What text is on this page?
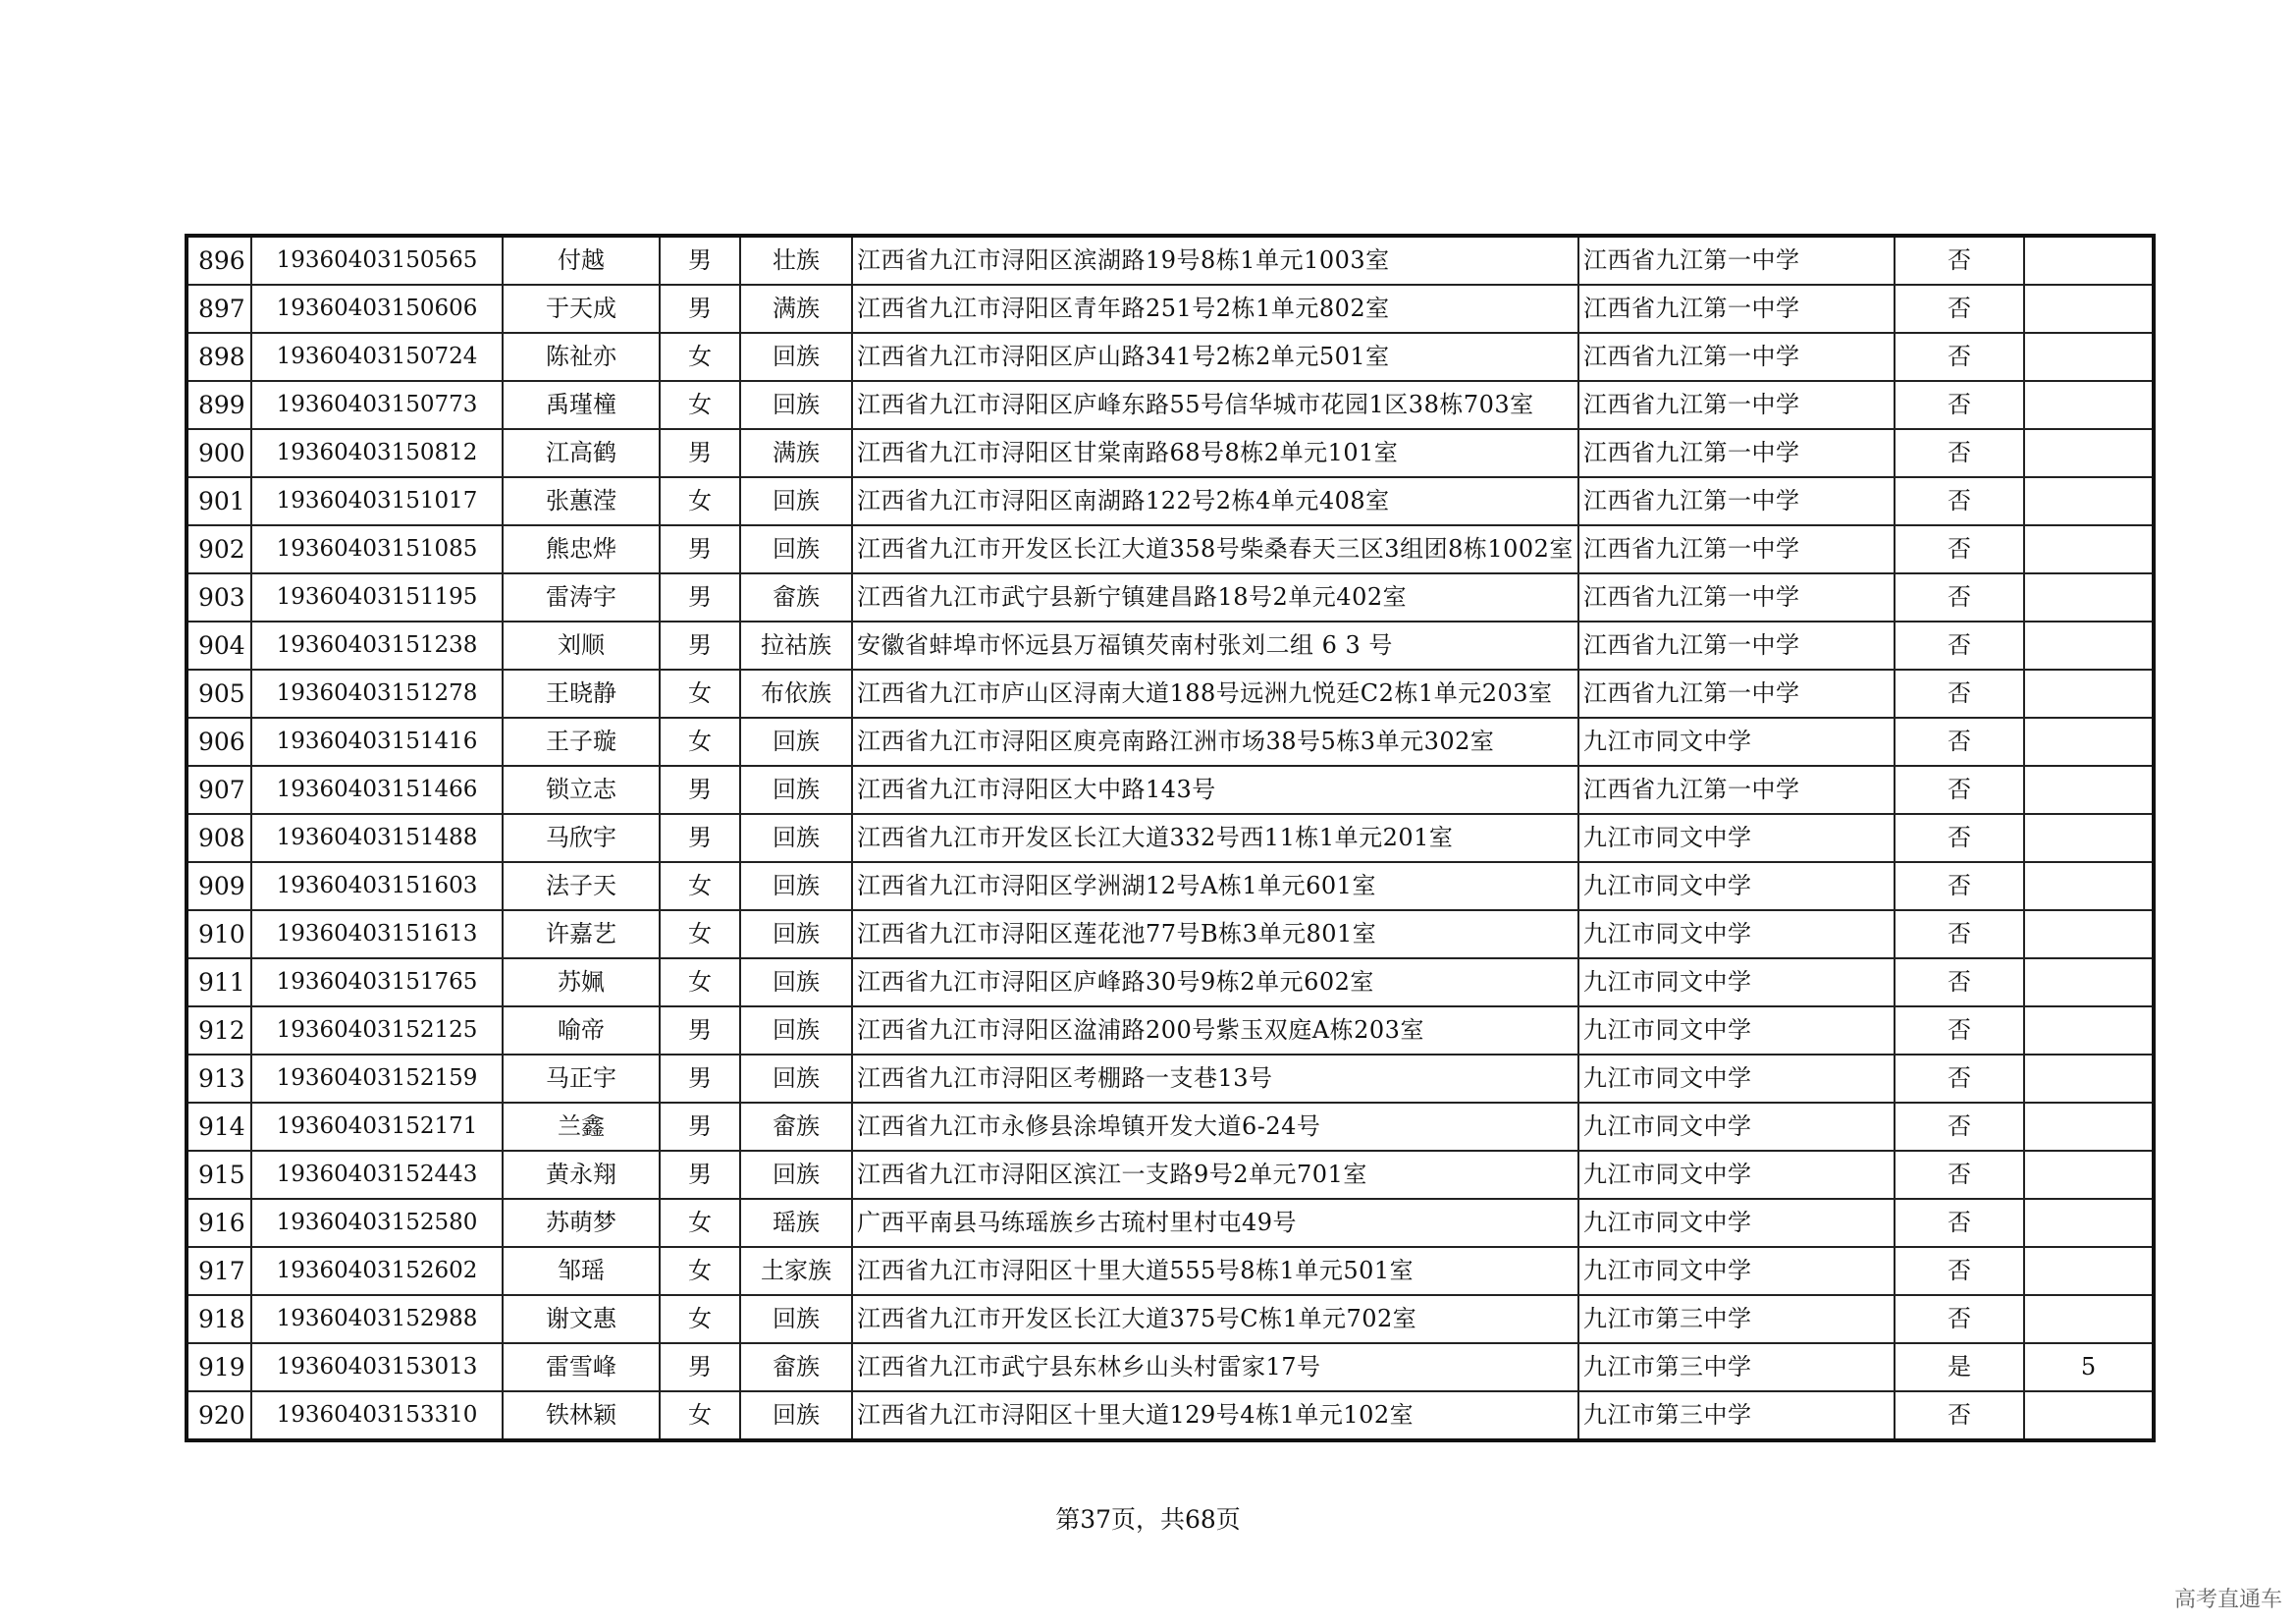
896	19360403150565	付越	男	壮族	江西省九江市浔阳区滨湖路19号8栋1单元1003室	江西省九江第一中学	否	
897	19360403150606	于天成	男	满族	江西省九江市浔阳区青年路251号2栋1单元802室	江西省九江第一中学	否	
898	19360403150724	陈祉亦	女	回族	江西省九江市浔阳区庐山路341号2栋2单元501室	江西省九江第一中学	否	
899	19360403150773	禹瑾橦	女	回族	江西省九江市浔阳区庐峰东路55号信华城市花园1区38栋703室	江西省九江第一中学	否	
900	19360403150812	江高鹤	男	满族	江西省九江市浔阳区甘棠南路68号8栋2单元101室	江西省九江第一中学	否	
901	19360403151017	张蕙滢	女	回族	江西省九江市浔阳区南湖路122号2栋4单元408室	江西省九江第一中学	否	
902	19360403151085	熊忠烨	男	回族	江西省九江市开发区长江大道358号柴桑春天三区3组团8栋1002室	江西省九江第一中学	否	
903	19360403151195	雷涛宇	男	畲族	江西省九江市武宁县新宁镇建昌路18号2单元402室	江西省九江第一中学	否	
904	19360403151238	刘顺	男	拉祜族	安徽省蚌埠市怀远县万福镇芡南村张刘二组 6 3 号	江西省九江第一中学	否	
905	19360403151278	王晓静	女	布依族	江西省九江市庐山区浔南大道188号远洲九悦廷C2栋1单元203室	江西省九江第一中学	否	
906	19360403151416	王子璇	女	回族	江西省九江市浔阳区庾亮南路江洲市场38号5栋3单元302室	九江市同文中学	否	
907	19360403151466	锁立志	男	回族	江西省九江市浔阳区大中路143号	江西省九江第一中学	否	
908	19360403151488	马欣宇	男	回族	江西省九江市开发区长江大道332号西11栋1单元201室	九江市同文中学	否	
909	19360403151603	法子天	女	回族	江西省九江市浔阳区学洲湖12号A栋1单元601室	九江市同文中学	否	
910	19360403151613	许嘉艺	女	回族	江西省九江市浔阳区莲花池77号B栋3单元801室	九江市同文中学	否	
911	19360403151765	苏姵	女	回族	江西省九江市浔阳区庐峰路30号9栋2单元602室	九江市同文中学	否	
912	19360403152125	喻帝	男	回族	江西省九江市浔阳区湓浦路200号紫玉双庭A栋203室	九江市同文中学	否	
913	19360403152159	马正宇	男	回族	江西省九江市浔阳区考棚路一支巷13号	九江市同文中学	否	
914	19360403152171	兰鑫	男	畲族	江西省九江市永修县涂埠镇开发大道6-24号	九江市同文中学	否	
915	19360403152443	黄永翔	男	回族	江西省九江市浔阳区滨江一支路9号2单元701室	九江市同文中学	否	
916	19360403152580	苏萌梦	女	瑶族	广西平南县马练瑶族乡古琉村里村屯49号	九江市同文中学	否	
917	19360403152602	邹瑶	女	土家族	江西省九江市浔阳区十里大道555号8栋1单元501室	九江市同文中学	否	
918	19360403152988	谢文惠	女	回族	江西省九江市开发区长江大道375号C栋1单元702室	九江市第三中学	否	
919	19360403153013	雷雪峰	男	畲族	江西省九江市武宁县东林乡山头村雷家17号	九江市第三中学	是	5
920	19360403153310	铁林颖	女	回族	江西省九江市浔阳区十里大道129号4栋1单元102室	九江市第三中学	否	
第37页，共68页
高考直通车
